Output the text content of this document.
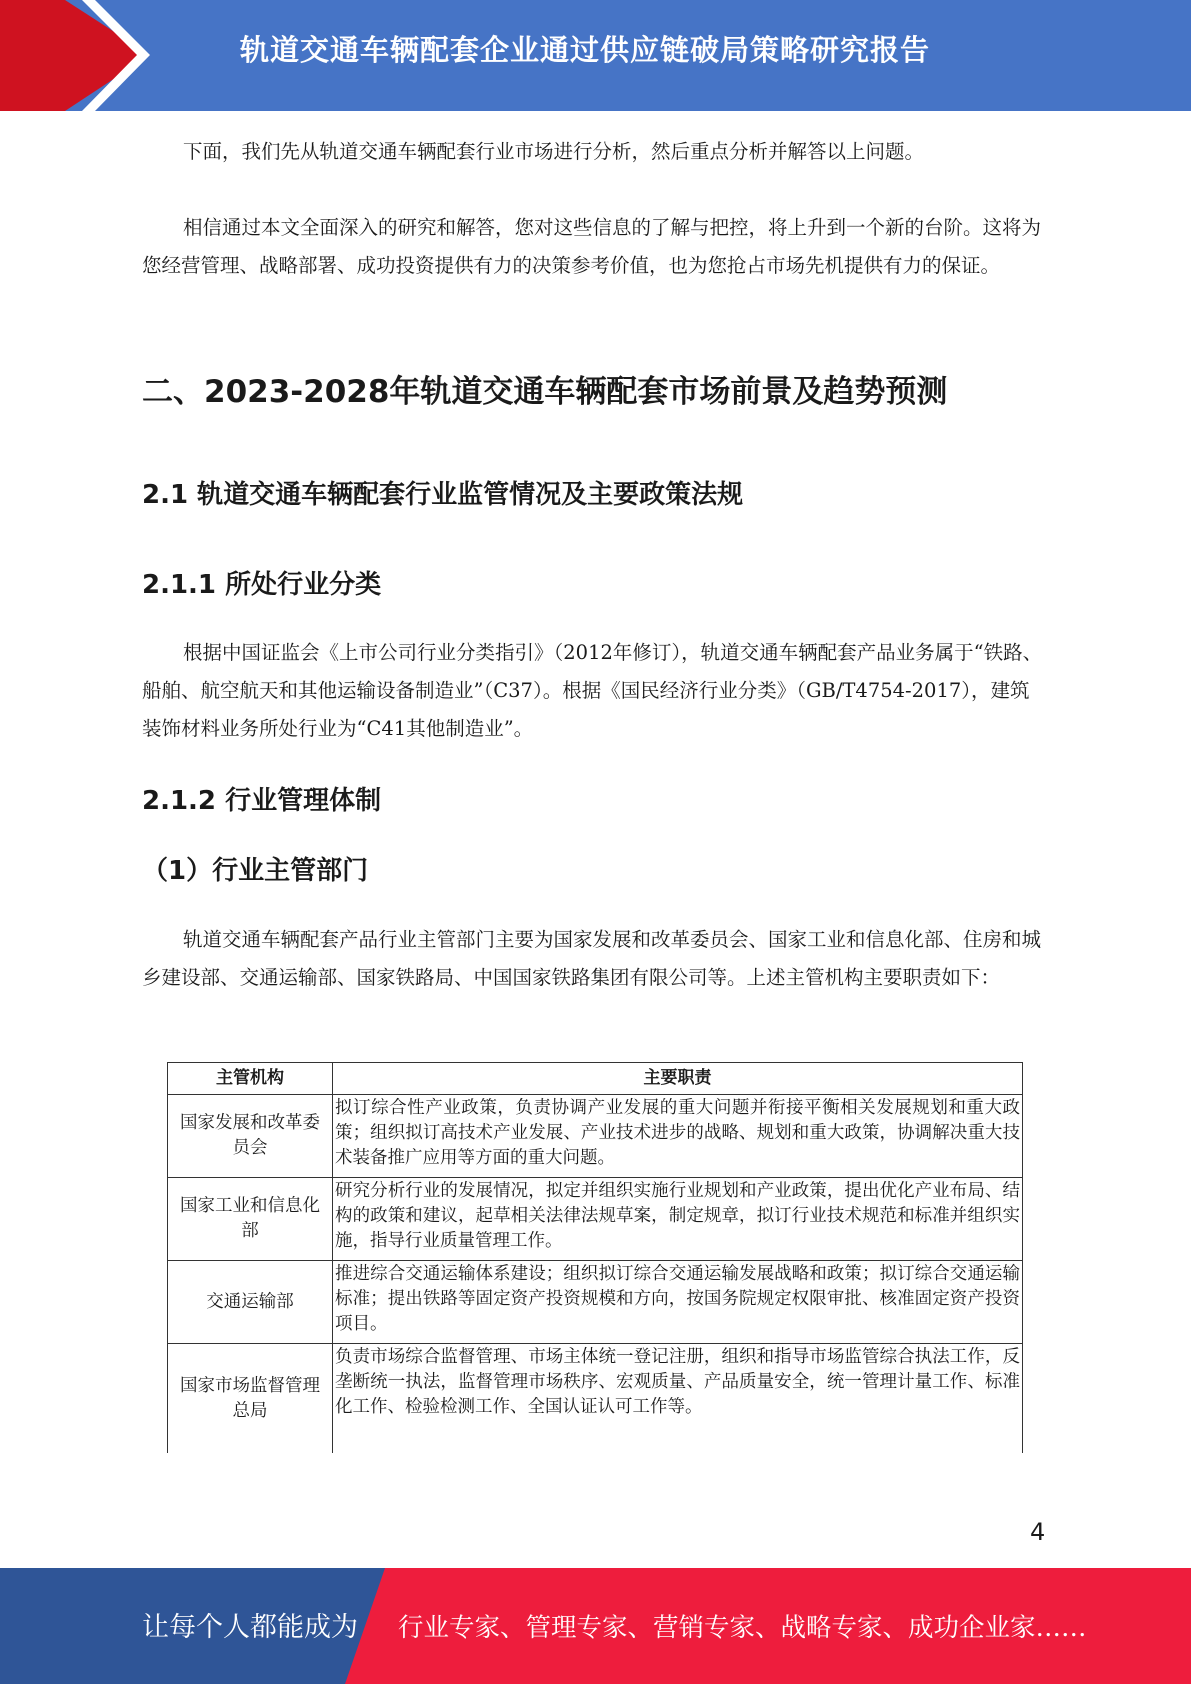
轨道交通车辆配套企业通过供应链破局策略研究报告

下面，我们先从轨道交通车辆配套行业市场进行分析，然后重点分析并解答以上问题。

相信通过本文全面深入的研究和解答，您对这些信息的了解与把控，将上升到一个新的台阶。这将为您经营管理、战略部署、成功投资提供有力的决策参考价值，也为您抢占市场先机提供有力的保证。

二、2023-2028年轨道交通车辆配套市场前景及趋势预测
2.1 轨道交通车辆配套行业监管情况及主要政策法规
2.1.1 所处行业分类

根据中国证监会《上市公司行业分类指引》（2012年修订），轨道交通车辆配套产品业务属于“铁路、船舶、航空航天和其他运输设备制造业”（C37）。根据《国民经济行业分类》（GB/T4754-2017），建筑装饰材料业务所处行业为“C41其他制造业”。

2.1.2 行业管理体制
（1）行业主管部门

轨道交通车辆配套产品行业主管部门主要为国家发展和改革委员会、国家工业和信息化部、住房和城乡建设部、交通运输部、国家铁路局、中国国家铁路集团有限公司等。上述主管机构主要职责如下：

主管机构	主要职责
国家发展和改革委员会	拟订综合性产业政策，负责协调产业发展的重大问题并衔接平衡相关发展规划和重大政策；组织拟订高技术产业发展、产业技术进步的战略、规划和重大政策，协调解决重大技术装备推广应用等方面的重大问题。
国家工业和信息化部	研究分析行业的发展情况，拟定并组织实施行业规划和产业政策，提出优化产业布局、结构的政策和建议，起草相关法律法规草案，制定规章，拟订行业技术规范和标准并组织实施，指导行业质量管理工作。
交通运输部	推进综合交通运输体系建设；组织拟订综合交通运输发展战略和政策；拟订综合交通运输标准；提出铁路等固定资产投资规模和方向，按国务院规定权限审批、核准固定资产投资项目。
国家市场监督管理总局	负责市场综合监督管理、市场主体统一登记注册，组织和指导市场监管综合执法工作，反垄断统一执法，监督管理市场秩序、宏观质量、产品质量安全，统一管理计量工作、标准化工作、检验检测工作、全国认证认可工作等。
4
让每个人都能成为 行业专家、管理专家、营销专家、战略专家、成功企业家……
